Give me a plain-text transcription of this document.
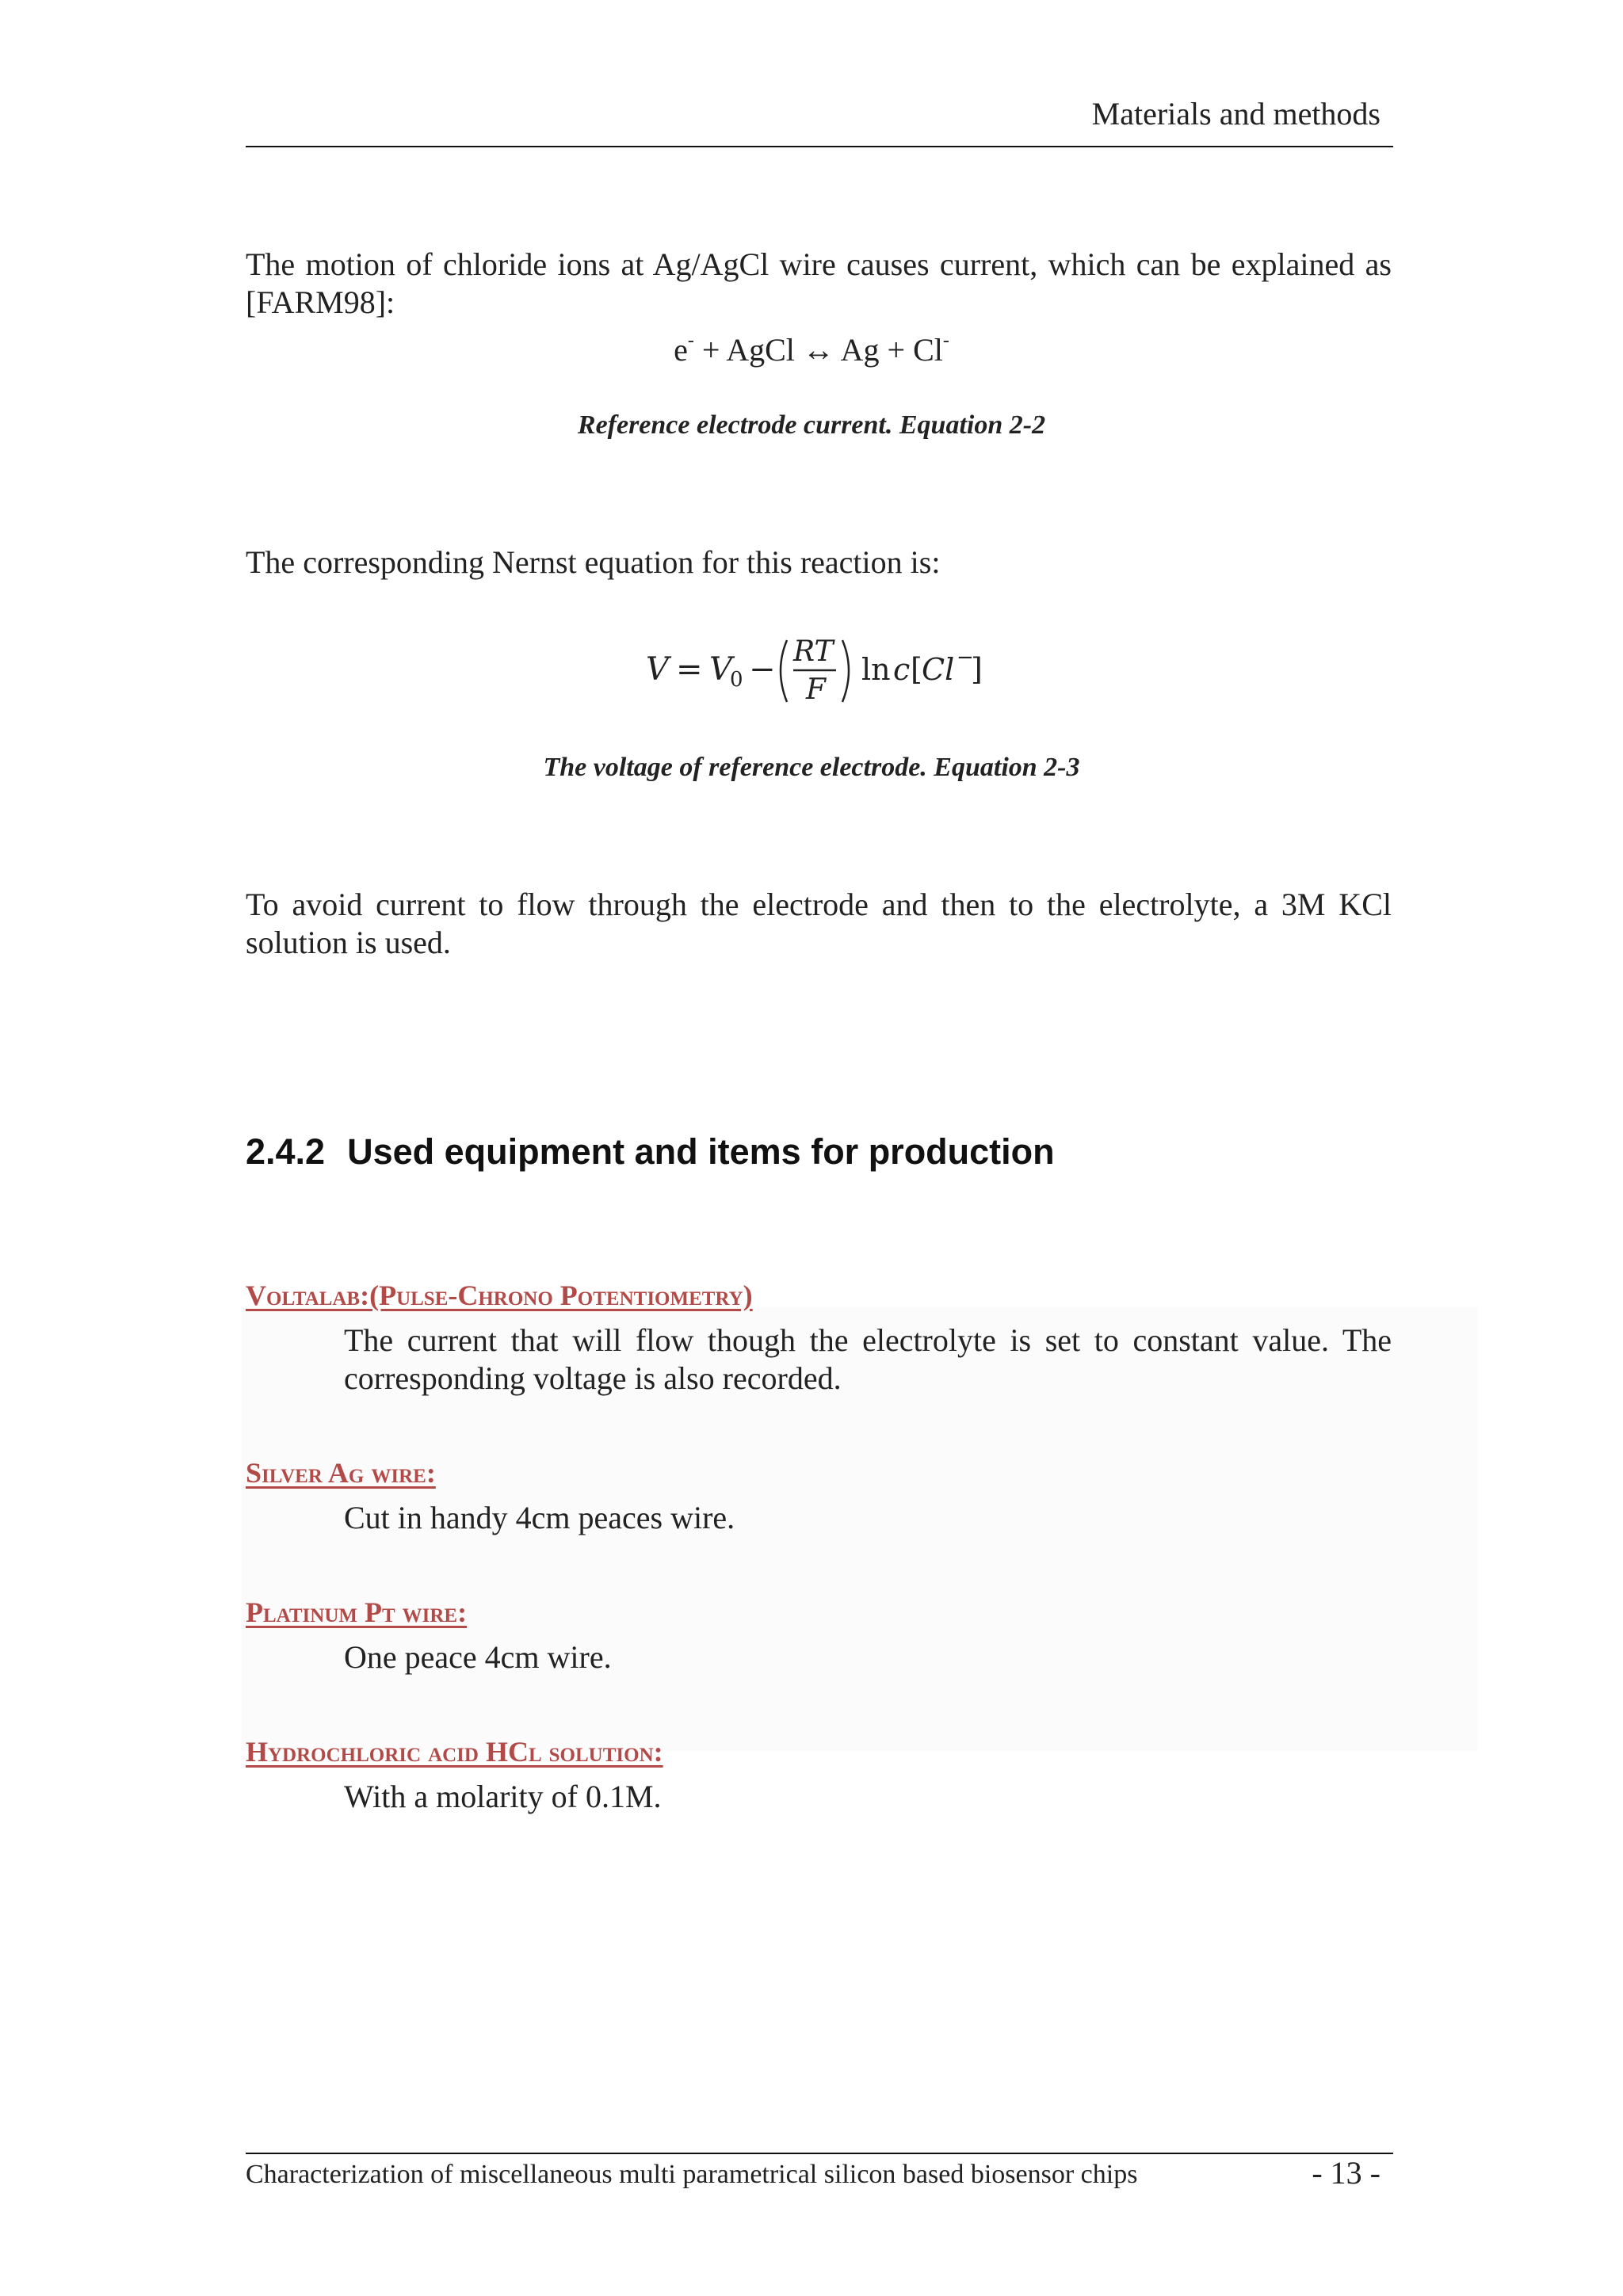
Materials and methods

The motion of chloride ions at Ag/AgCl wire causes current, which can be explained as [FARM98]:

e- + AgCl ↔ Ag + Cl-
Reference electrode current. Equation 2-2

The corresponding Nernst equation for this reaction is:

V = V
0 − RT
F
ln c [ Cl −
]
The voltage of reference electrode. Equation 2-3

To avoid current to flow through the electrode and then to the electrolyte, a 3M KCl solution is used.

2.4.2 Used equipment and items for production
Voltalab:(Pulse-Chrono Potentiometry)

The current that will flow though the electrolyte is set to constant value. The corresponding voltage is also recorded.

Silver Ag wire:

Cut in handy 4cm peaces wire.

Platinum Pt wire:

One peace 4cm wire.

Hydrochloric acid HCl solution:

With a molarity of 0.1M.

Characterization of miscellaneous multi parametrical silicon based biosensor chips	- 13 -
